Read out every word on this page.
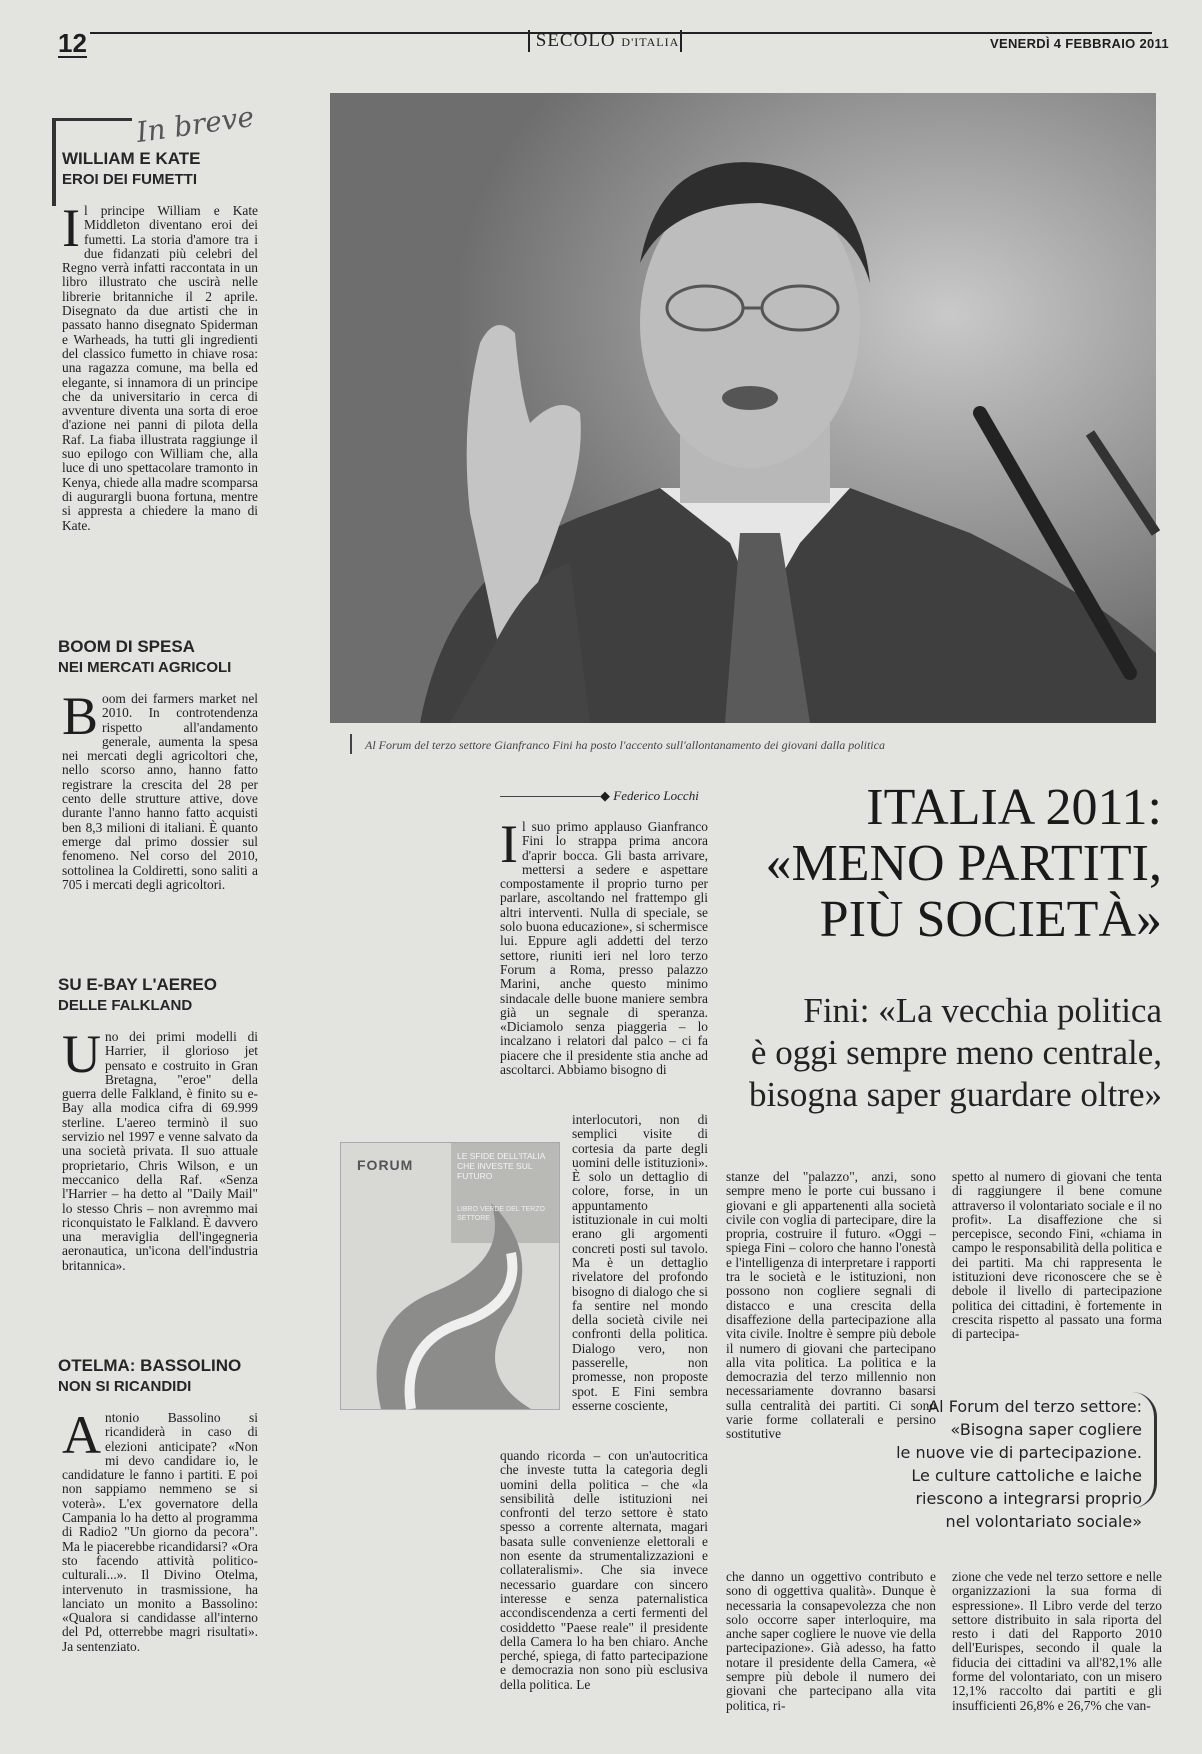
12	SECOLO D'ITALIA	VENERDÌ 4 FEBBRAIO 2011
In breve
WILLIAM E KATE
EROI DEI FUMETTI
Il principe William e Kate Middleton diventano eroi dei fumetti. La storia d'amore tra i due fidanzati più celebri del Regno verrà infatti raccontata in un libro illustrato che uscirà nelle librerie britanniche il 2 aprile. Disegnato da due artisti che in passato hanno disegnato Spiderman e Warheads, ha tutti gli ingredienti del classico fumetto in chiave rosa: una ragazza comune, ma bella ed elegante, si innamora di un principe che da universitario in cerca di avventure diventa una sorta di eroe d'azione nei panni di pilota della Raf. La fiaba illustrata raggiunge il suo epilogo con William che, alla luce di uno spettacolare tramonto in Kenya, chiede alla madre scomparsa di augurargli buona fortuna, mentre si appresta a chiedere la mano di Kate.
BOOM DI SPESA
NEI MERCATI AGRICOLI
Boom dei farmers market nel 2010. In controtendenza rispetto all'andamento generale, aumenta la spesa nei mercati degli agricoltori che, nello scorso anno, hanno fatto registrare la crescita del 28 per cento delle strutture attive, dove durante l'anno hanno fatto acquisti ben 8,3 milioni di italiani. È quanto emerge dal primo dossier sul fenomeno. Nel corso del 2010, sottolinea la Coldiretti, sono saliti a 705 i mercati degli agricoltori.
SU E-BAY L'AEREO
DELLE FALKLAND
Uno dei primi modelli di Harrier, il glorioso jet pensato e costruito in Gran Bretagna, "eroe" della guerra delle Falkland, è finito su e-Bay alla modica cifra di 69.999 sterline. L'aereo terminò il suo servizio nel 1997 e venne salvato da una società privata. Il suo attuale proprietario, Chris Wilson, e un meccanico della Raf. «Senza l'Harrier – ha detto al "Daily Mail" lo stesso Chris – non avremmo mai riconquistato le Falkland. È davvero una meraviglia dell'ingegneria aeronautica, un'icona dell'industria britannica».
OTELMA: BASSOLINO
NON SI RICANDIDI
Antonio Bassolino si ricandiderà in caso di elezioni anticipate? «Non mi devo candidare io, le candidature le fanno i partiti. E poi non sappiamo nemmeno se si voterà». L'ex governatore della Campania lo ha detto al programma di Radio2 "Un giorno da pecora". Ma le piacerebbe ricandidarsi? «Ora sto facendo attività politico-culturali...». Il Divino Otelma, intervenuto in trasmissione, ha lanciato un monito a Bassolino: «Qualora si candidasse all'interno del Pd, otterrebbe magri risultati». Ja sentenziato.
Al Forum del terzo settore Gianfranco Fini ha posto l'accento sull'allontanamento dei giovani dalla politica
◆ Federico Locchi	ITALIA 2011:
«MENO PARTITI,
PIÙ SOCIETÀ»
Fini: «La vecchia politica
è oggi sempre meno centrale,
bisogna saper guardare oltre»
Il suo primo applauso Gianfranco Fini lo strappa prima ancora d'aprir bocca. Gli basta arrivare, mettersi a sedere e aspettare compostamente il proprio turno per parlare, ascoltando nel frattempo gli altri interventi. Nulla di speciale, se solo buona educazione», si schermisce lui. Eppure agli addetti del terzo settore, riuniti ieri nel loro terzo Forum a Roma, presso palazzo Marini, anche questo minimo sindacale delle buone maniere sembra già un segnale di speranza. «Diciamolo senza piaggeria – lo incalzano i relatori dal palco – ci fa piacere che il presidente stia anche ad ascoltarci. Abbiamo bisogno di
interlocutori, non di semplici visite di cortesia da parte degli uomini delle istituzioni». È solo un dettaglio di colore, forse, in un appuntamento istituzionale in cui molti erano gli argomenti concreti posti sul tavolo. Ma è un dettaglio rivelatore del profondo bisogno di dialogo che si fa sentire nel mondo della società civile nei confronti della politica. Dialogo vero, non passerelle, non promesse, non proposte spot. E Fini sembra esserne cosciente,
quando ricorda – con un'autocritica che investe tutta la categoria degli uomini della politica – che «la sensibilità delle istituzioni nei confronti del terzo settore è stato spesso a corrente alternata, magari basata sulle convenienze elettorali e non esente da strumentalizzazioni e collateralismi». Che sia invece necessario guardare con sincero interesse e senza paternalistica accondiscendenza a certi fermenti del cosiddetto "Paese reale" il presidente della Camera lo ha ben chiaro. Anche perché, spiega, di fatto partecipazione e democrazia non sono più esclusiva della politica. Le
FORUM
LE SFIDE DELL'ITALIA CHE INVESTE SUL FUTURO
LIBRO VERDE DEL TERZO SETTORE
stanze del "palazzo", anzi, sono sempre meno le porte cui bussano i giovani e gli appartenenti alla società civile con voglia di partecipare, dire la propria, costruire il futuro. «Oggi – spiega Fini – coloro che hanno l'onestà e l'intelligenza di interpretare i rapporti tra le società e le istituzioni, non possono non cogliere segnali di distacco e una crescita della disaffezione della partecipazione alla vita civile. Inoltre è sempre più debole il numero di giovani che partecipano alla vita politica. La politica e la democrazia del terzo millennio non necessariamente dovranno basarsi sulla centralità dei partiti. Ci sono varie forme collaterali e persino sostitutive
che danno un oggettivo contributo e sono di oggettiva qualità». Dunque è necessaria la consapevolezza che non solo occorre saper interloquire, ma anche saper cogliere le nuove vie della partecipazione». Già adesso, ha fatto notare il presidente della Camera, «è sempre più debole il numero dei giovani che partecipano alla vita politica, ri-
spetto al numero di giovani che tenta di raggiungere il bene comune attraverso il volontariato sociale e il no profit». La disaffezione che si percepisce, secondo Fini, «chiama in campo le responsabilità della politica e dei partiti. Ma chi rappresenta le istituzioni deve riconoscere che se è debole il livello di partecipazione politica dei cittadini, è fortemente in crescita rispetto al passato una forma di partecipa-
zione che vede nel terzo settore e nelle organizzazioni la sua forma di espressione». Il Libro verde del terzo settore distribuito in sala riporta del resto i dati del Rapporto 2010 dell'Eurispes, secondo il quale la fiducia dei cittadini va all'82,1% alle forme del volontariato, con un misero 12,1% raccolto dai partiti e gli insufficienti 26,8% e 26,7% che van-
Al Forum del terzo settore:
«Bisogna saper cogliere
le nuove vie di partecipazione.
Le culture cattoliche e laiche
riescono a integrarsi proprio
nel volontariato sociale»
